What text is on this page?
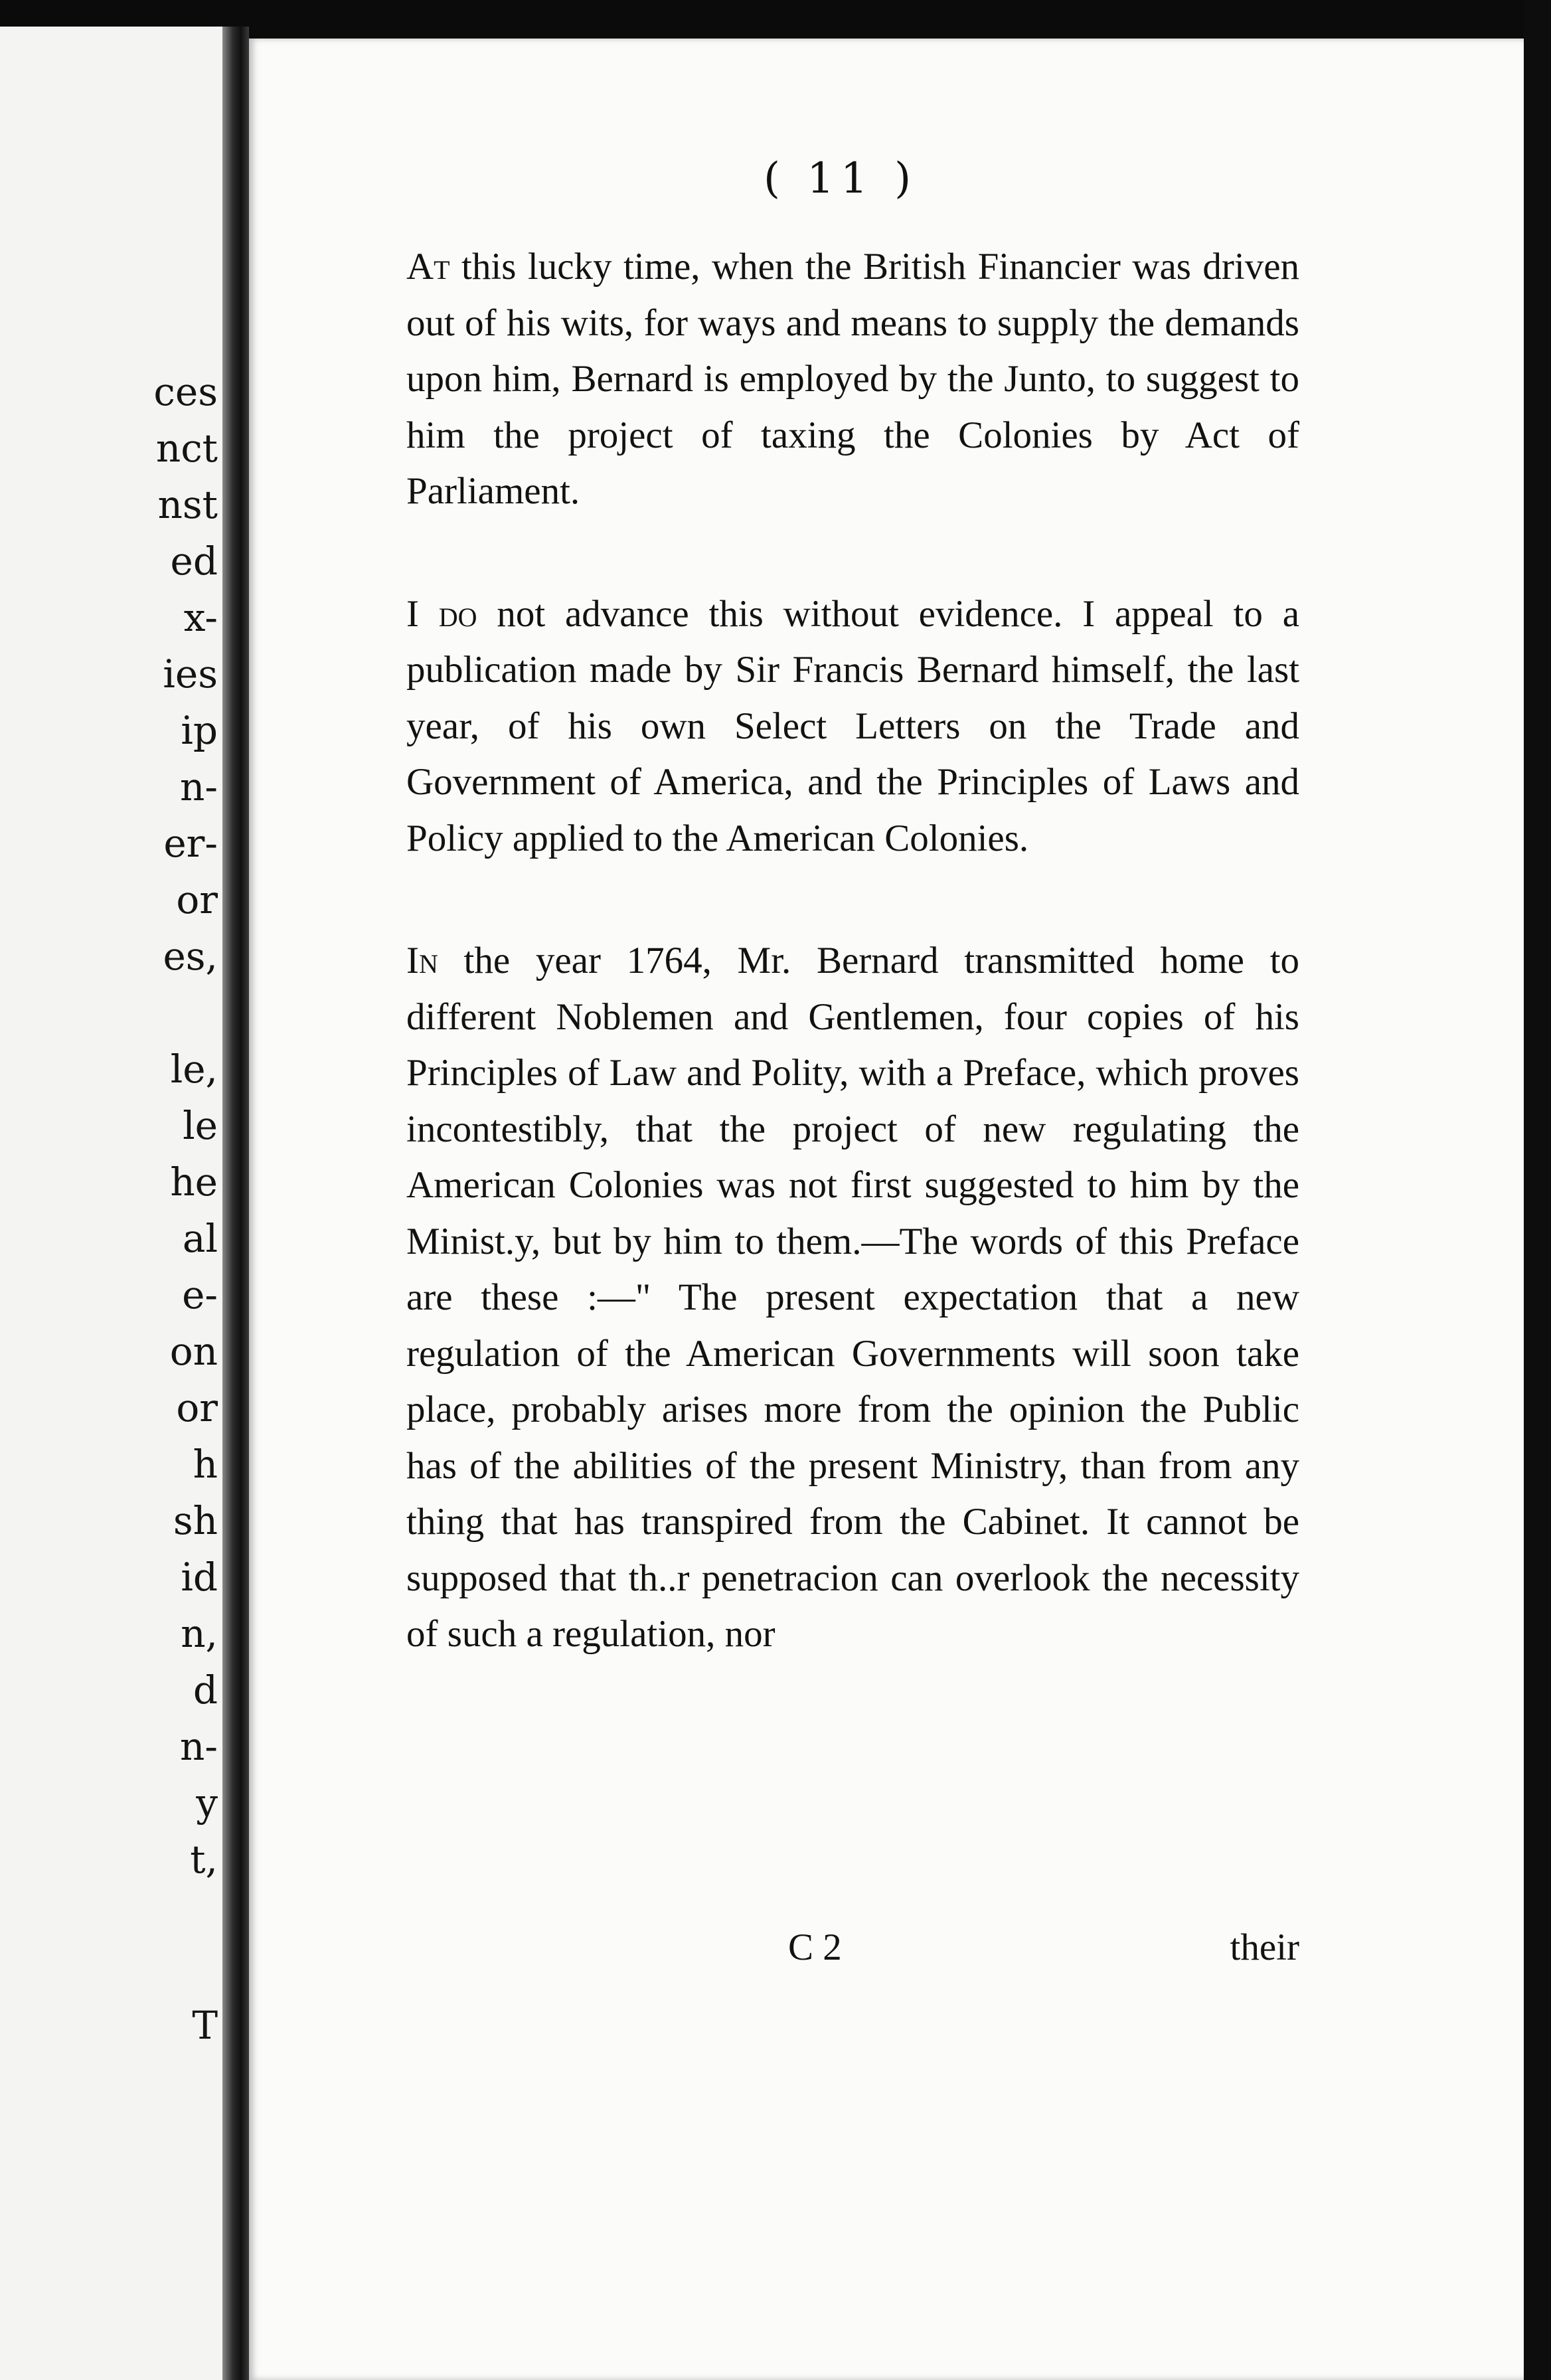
ces
nct
nst
ed
x-
ies
ip
n-
er-
or
es,
le,
le
he
al
e-
on
or
h
sh
id
n,
d
n-
y
t,
T
( 11 )

At this lucky time, when the British Financier was driven out of his wits, for ways and means to supply the demands upon him, Bernard is employed by the Junto, to suggest to him the project of taxing the Colonies by Act of Parliament.

I do not advance this without evidence. I appeal to a publication made by Sir Francis Bernard himself, the last year, of his own Select Letters on the Trade and Government of America, and the Principles of Laws and Policy applied to the American Colonies.

In the year 1764, Mr. Bernard transmitted home to different Noblemen and Gentlemen, four copies of his Principles of Law and Polity, with a Preface, which proves incontestibly, that the project of new regulating the American Colonies was not first suggested to him by the Minist.y, but by him to them.—The words of this Preface are these :—" The present expectation that a new regulation of the American Governments will soon take place, probably arises more from the opinion the Public has of the abilities of the present Ministry, than from any thing that has transpired from the Cabinet. It cannot be supposed that th..r penetracion can overlook the necessity of such a regulation, nor

C 2	their
